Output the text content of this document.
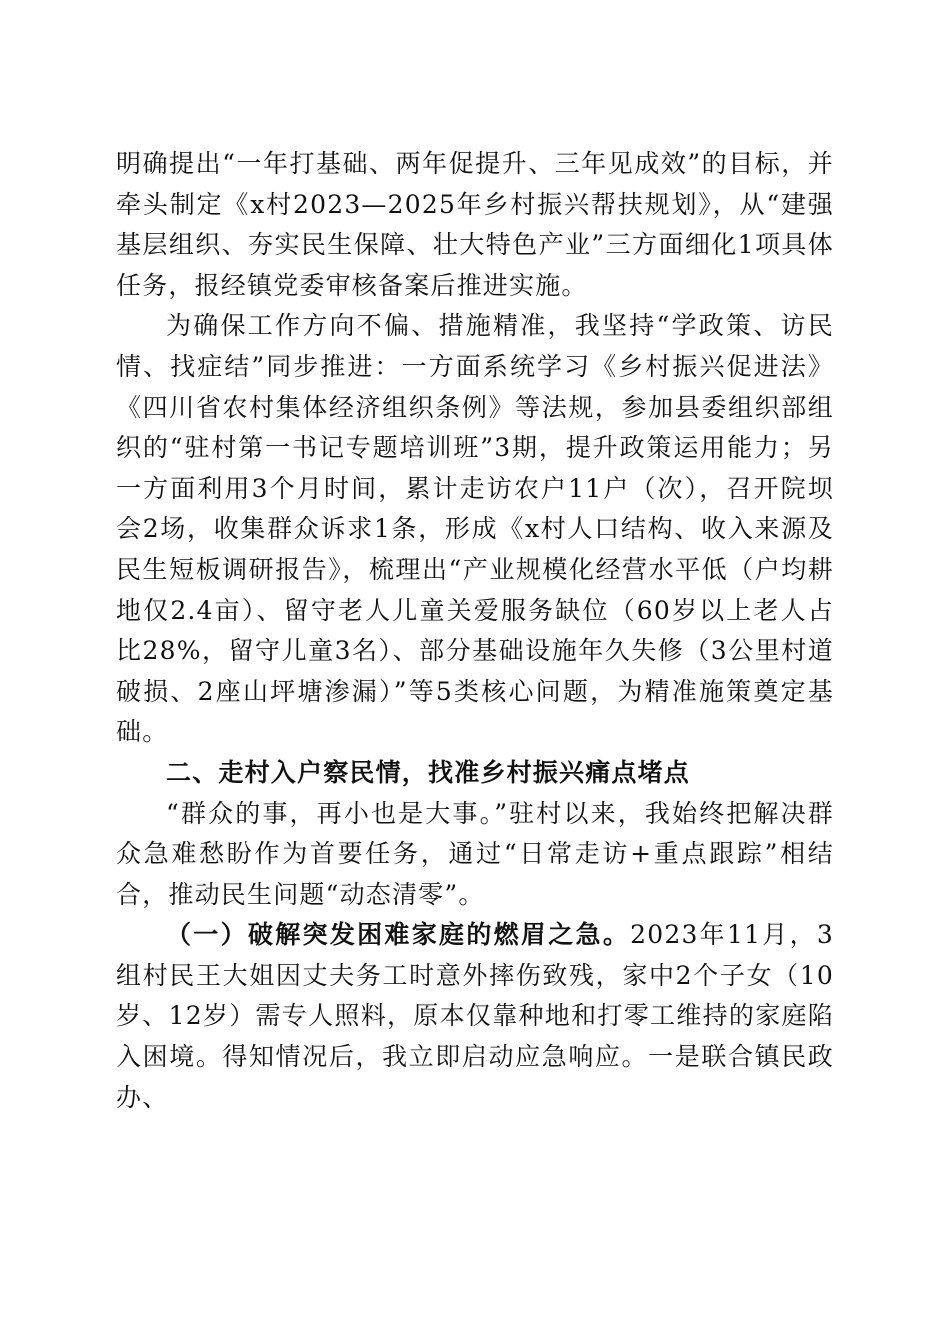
明确提出“一年打基础、两年促提升、三年见成效”的目标，并牵头制定《x村2023—2025年乡村振兴帮扶规划》，从“建强基层组织、夯实民生保障、壮大特色产业”三方面细化1项具体任务，报经镇党委审核备案后推进实施。

为确保工作方向不偏、措施精准，我坚持“学政策、访民情、找症结”同步推进：一方面系统学习《乡村振兴促进法》《四川省农村集体经济组织条例》等法规，参加县委组织部组织的“驻村第一书记专题培训班”3期，提升政策运用能力；另一方面利用3个月时间，累计走访农户11户（次），召开院坝会2场，收集群众诉求1条，形成《x村人口结构、收入来源及民生短板调研报告》，梳理出“产业规模化经营水平低（户均耕地仅2.4亩）、留守老人儿童关爱服务缺位（60岁以上老人占比28%，留守儿童3名）、部分基础设施年久失修（3公里村道破损、2座山坪塘渗漏）”等5类核心问题，为精准施策奠定基础。

二、走村入户察民情，找准乡村振兴痛点堵点

“群众的事，再小也是大事。”驻村以来，我始终把解决群众急难愁盼作为首要任务，通过“日常走访+重点跟踪”相结合，推动民生问题“动态清零”。

（一）破解突发困难家庭的燃眉之急。2023年11月，3组村民王大姐因丈夫务工时意外摔伤致残，家中2个子女（10岁、12岁）需专人照料，原本仅靠种地和打零工维持的家庭陷入困境。得知情况后，我立即启动应急响应。一是联合镇民政办、
